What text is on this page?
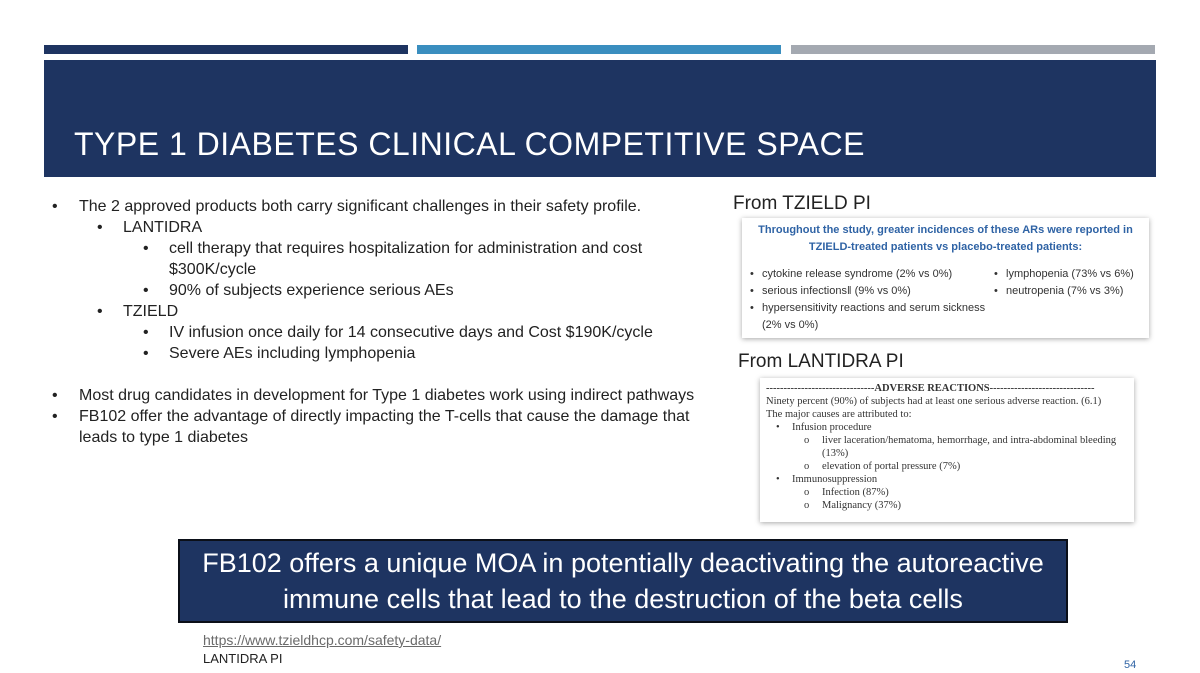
TYPE 1 DIABETES CLINICAL COMPETITIVE SPACE
• The 2 approved products both carry significant challenges in their safety profile.
• LANTIDRA
• cell therapy that requires hospitalization for administration and cost $300K/cycle
• 90% of subjects experience serious AEs
• TZIELD
• IV infusion once daily for 14 consecutive days and Cost $190K/cycle
• Severe AEs including lymphopenia
• Most drug candidates in development for Type 1 diabetes work using indirect pathways
• FB102 offer the advantage of directly impacting the T-cells that cause the damage that leads to type 1 diabetes
From TZIELD PI
Throughout the study, greater incidences of these ARs were reported in TZIELD-treated patients vs placebo-treated patients:
• cytokine release syndrome (2% vs 0%)
• serious infections‖ (9% vs 0%)
• hypersensitivity reactions and serum sickness (2% vs 0%)
• lymphopenia (73% vs 6%)
• neutropenia (7% vs 3%)
From LANTIDRA PI
-------------------------------ADVERSE REACTIONS------------------------------
Ninety percent (90%) of subjects had at least one serious adverse reaction. (6.1)
The major causes are attributed to:
• Infusion procedure
o liver laceration/hematoma, hemorrhage, and intra-abdominal bleeding (13%)
o elevation of portal pressure (7%)
• Immunosuppression
o Infection (87%)
o Malignancy (37%)
FB102 offers a unique MOA in potentially deactivating the autoreactive immune cells that lead to the destruction of the beta cells
https://www.tzieldhcp.com/safety-data/
LANTIDRA PI	54
